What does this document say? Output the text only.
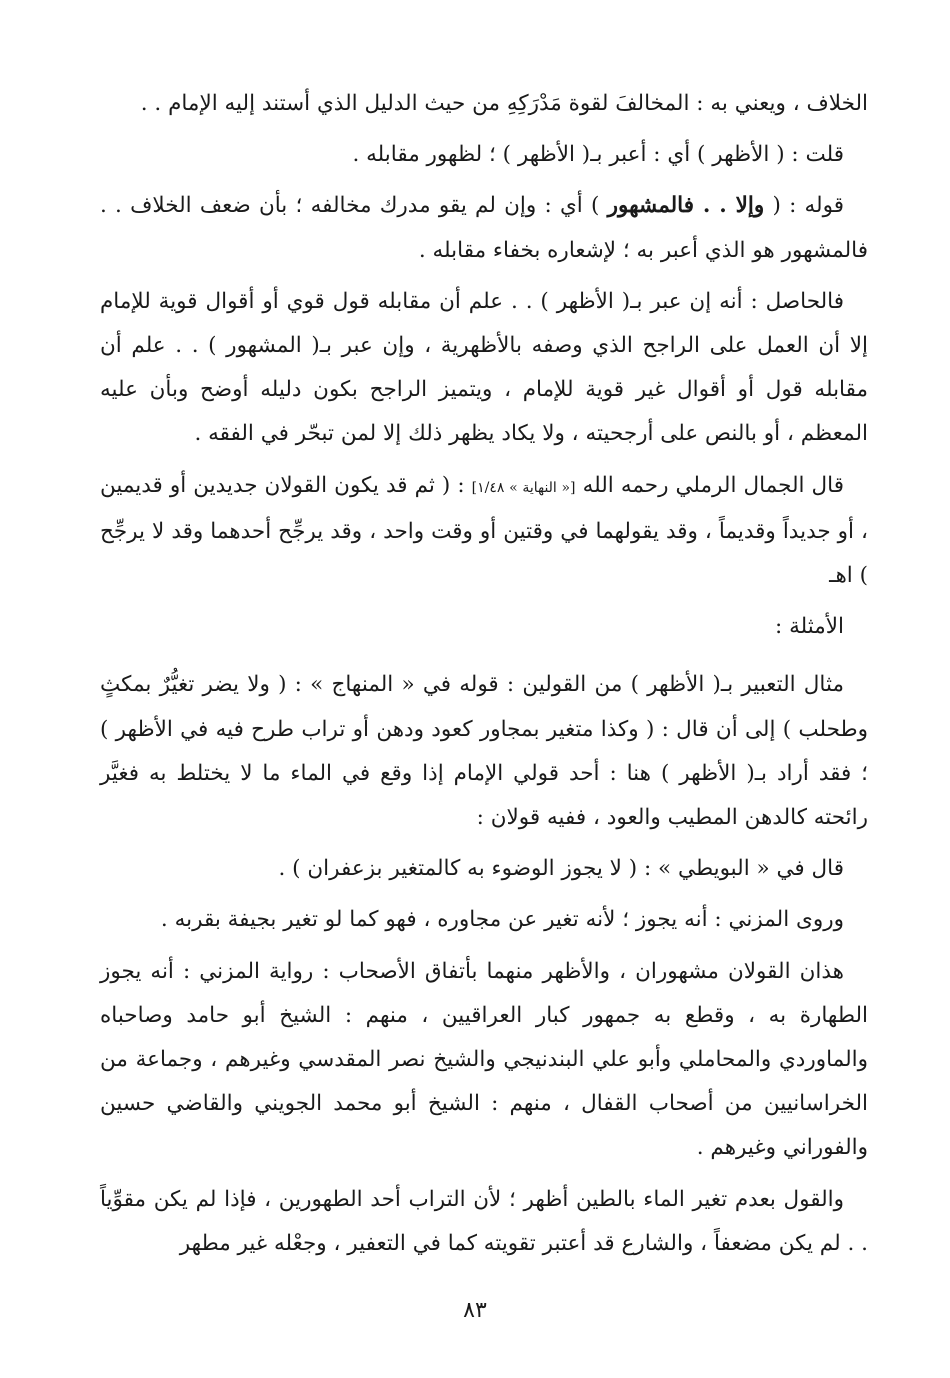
الخلاف ، ويعني به : المخالفَ لقوة مَدْرَكِهِ من حيث الدليل الذي أستند إليه الإمام . .

قلت : ( الأظهر ) أي : أعبر بـ( الأظهر ) ؛ لظهور مقابله .

قوله : ( وإلا . . فالمشهور ) أي : وإن لم يقو مدرك مخالفه ؛ بأن ضعف الخلاف . . فالمشهور هو الذي أعبر به ؛ لإشعاره بخفاء مقابله .

فالحاصل : أنه إن عبر بـ( الأظهر ) . . علم أن مقابله قول قوي أو أقوال قوية للإمام إلا أن العمل على الراجح الذي وصفه بالأظهرية ، وإن عبر بـ( المشهور ) . . علم أن مقابله قول أو أقوال غير قوية للإمام ، ويتميز الراجح بكون دليله أوضح وبأن عليه المعظم ، أو بالنص على أرجحيته ، ولا يكاد يظهر ذلك إلا لمن تبحّر في الفقه .

قال الجمال الرملي رحمه الله [« النهاية » ١/٤٨] : ( ثم قد يكون القولان جديدين أو قديمين ، أو جديداً وقديماً ، وقد يقولهما في وقتين أو وقت واحد ، وقد يرجِّح أحدهما وقد لا يرجِّح ) اهـ

الأمثلة :

مثال التعبير بـ( الأظهر ) من القولين : قوله في « المنهاج » : ( ولا يضر تغيُّرٌ بمكثٍ وطحلب ) إلى أن قال : ( وكذا متغير بمجاور كعود ودهن أو تراب طرح فيه في الأظهر ) ؛ فقد أراد بـ( الأظهر ) هنا : أحد قولي الإمام إذا وقع في الماء ما لا يختلط به فغيَّر رائحته كالدهن المطيب والعود ، ففيه قولان :

قال في « البويطي » : ( لا يجوز الوضوء به كالمتغير بزعفران ) .

وروى المزني : أنه يجوز ؛ لأنه تغير عن مجاوره ، فهو كما لو تغير بجيفة بقربه .

هذان القولان مشهوران ، والأظهر منهما بأتفاق الأصحاب : رواية المزني : أنه يجوز الطهارة به ، وقطع به جمهور كبار العراقيين ، منهم : الشيخ أبو حامد وصاحباه والماوردي والمحاملي وأبو علي البندنيجي والشيخ نصر المقدسي وغيرهم ، وجماعة من الخراسانيين من أصحاب القفال ، منهم : الشيخ أبو محمد الجويني والقاضي حسين والفوراني وغيرهم .

والقول بعدم تغير الماء بالطين أظهر ؛ لأن التراب أحد الطهورين ، فإذا لم يكن مقوِّياً . . لم يكن مضعفاً ، والشارع قد أعتبر تقويته كما في التعفير ، وجعْله غير مطهر

٨٣
